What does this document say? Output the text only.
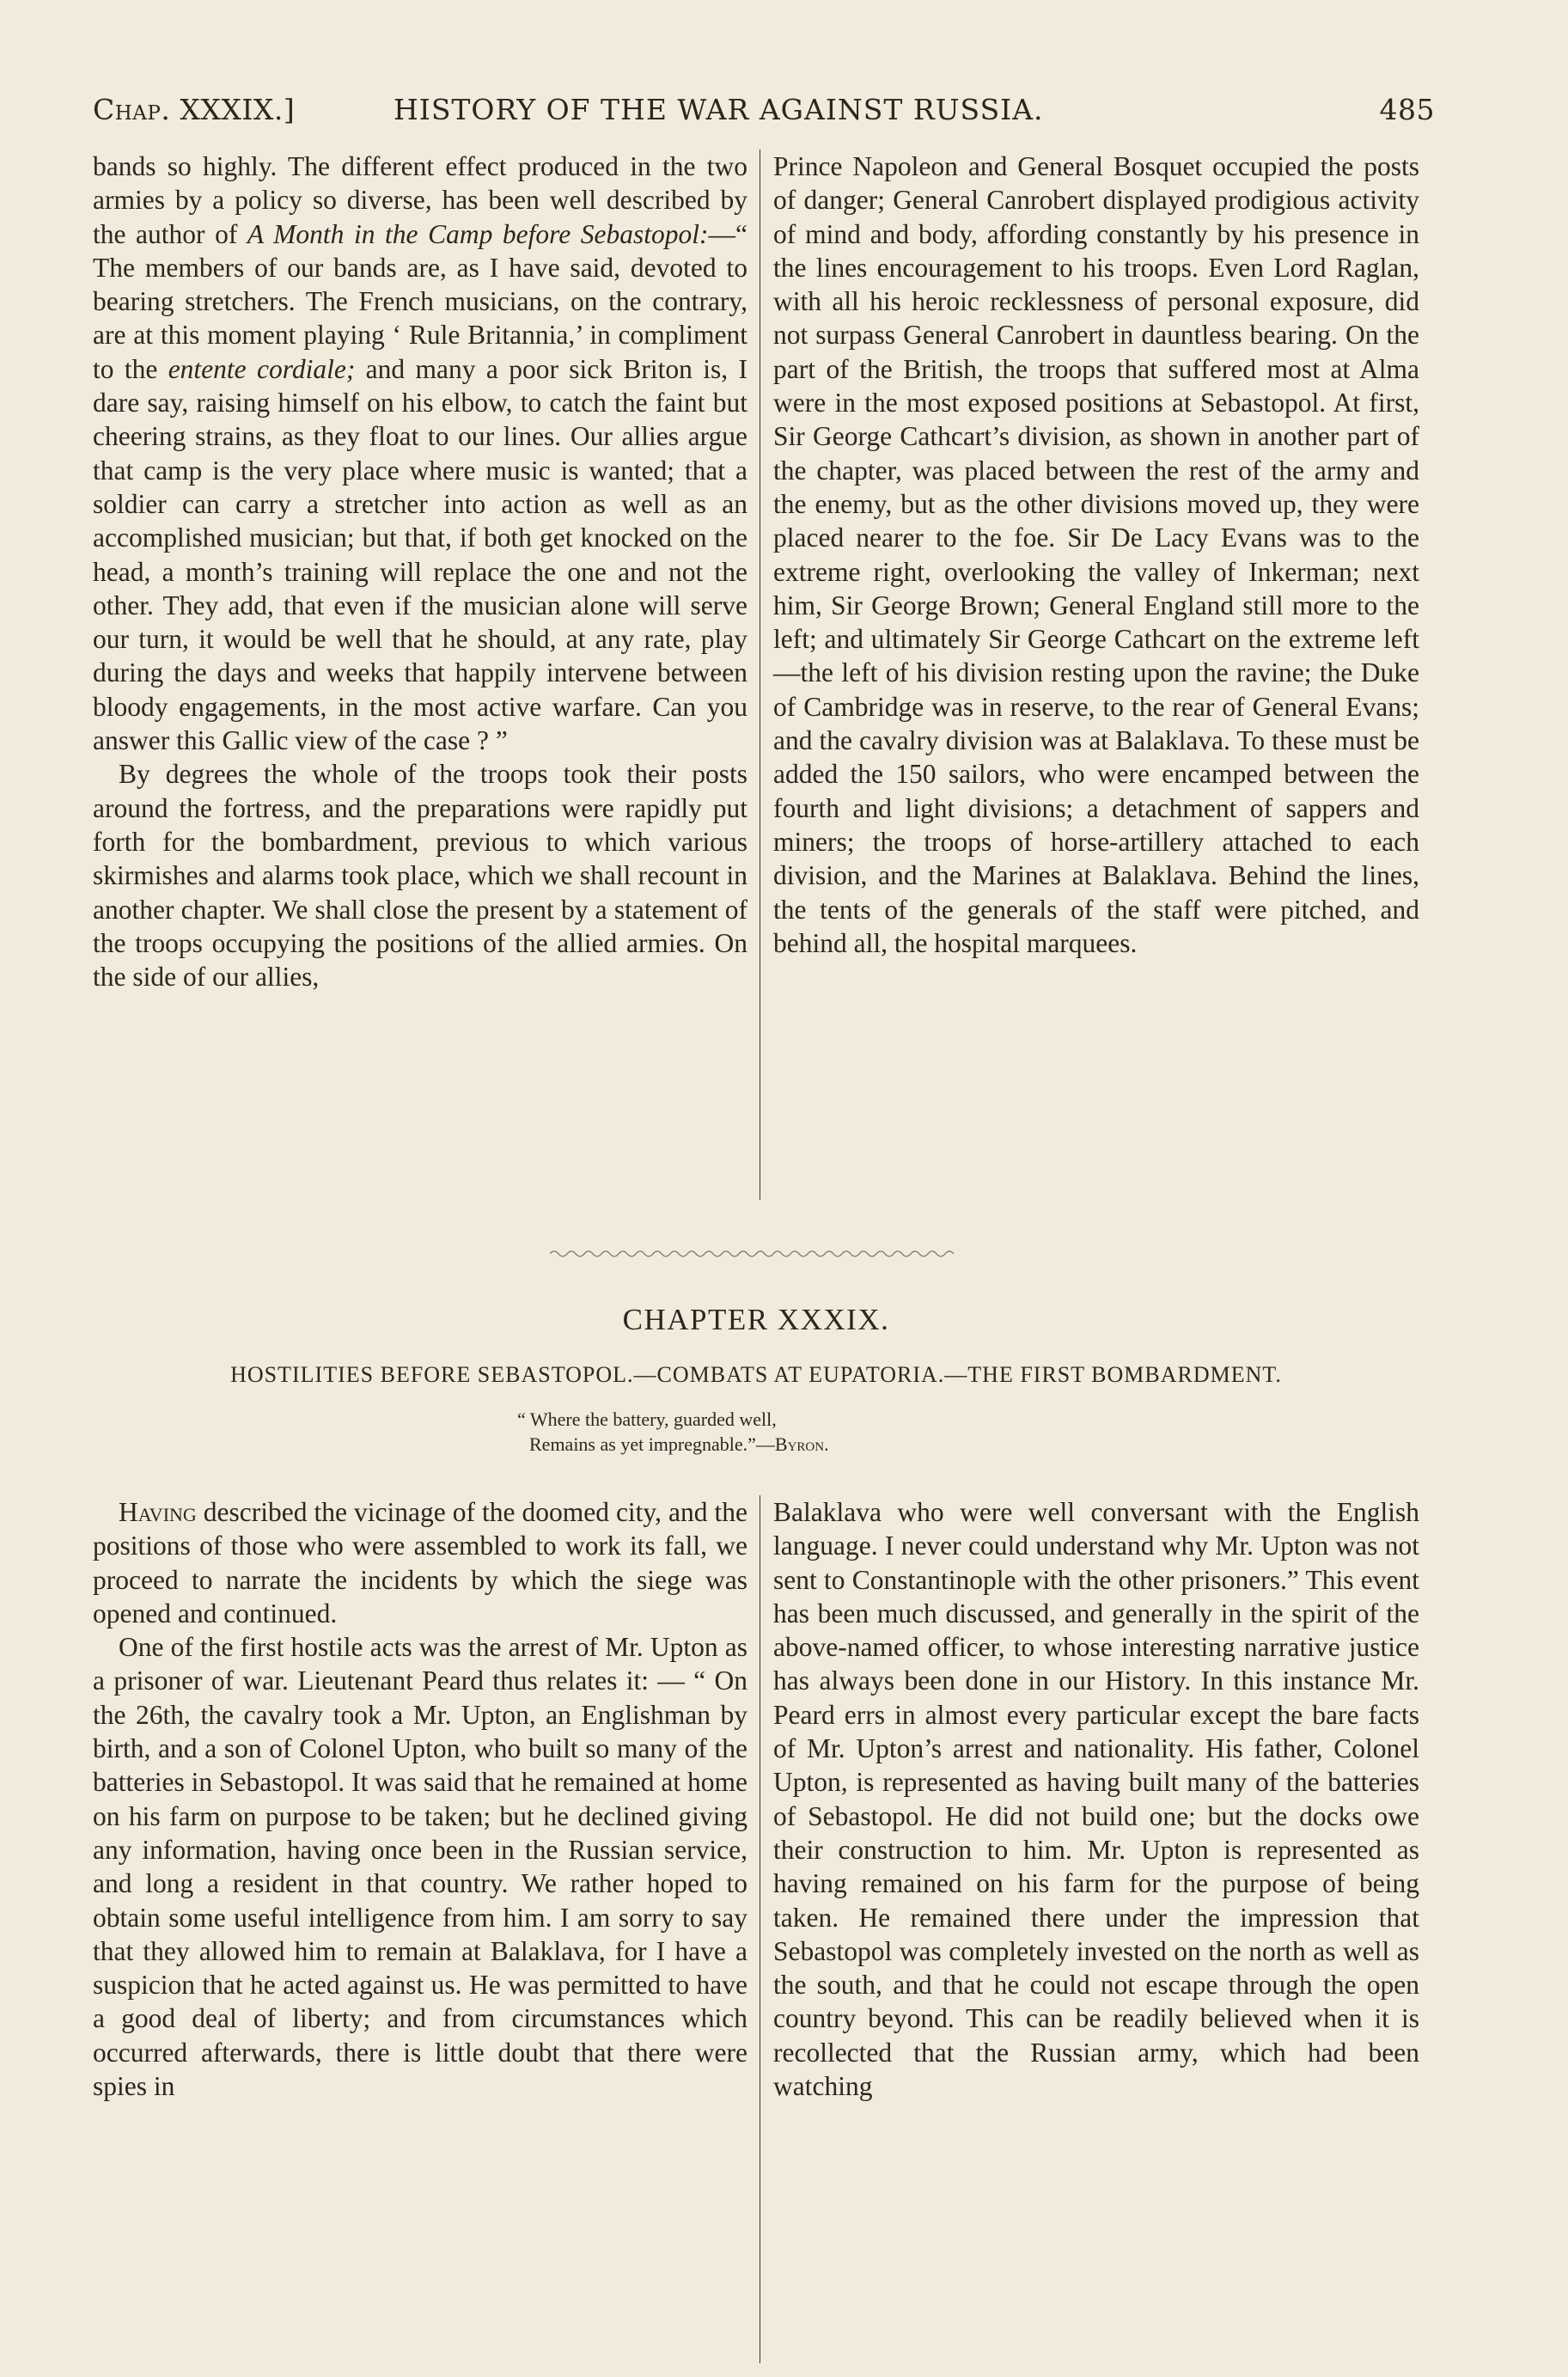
Chap. XXXIX.]	HISTORY OF THE WAR AGAINST RUSSIA.	485

bands so highly. The different effect produced in the two armies by a policy so diverse, has been well described by the author of A Month in the Camp before Sebastopol:—“ The members of our bands are, as I have said, devoted to bearing stretchers. The French musicians, on the contrary, are at this moment playing ‘ Rule Britannia,’ in compliment to the entente cordiale; and many a poor sick Briton is, I dare say, raising himself on his elbow, to catch the faint but cheering strains, as they float to our lines. Our allies argue that camp is the very place where music is wanted; that a soldier can carry a stretcher into action as well as an accomplished musician; but that, if both get knocked on the head, a month’s training will replace the one and not the other. They add, that even if the musician alone will serve our turn, it would be well that he should, at any rate, play during the days and weeks that happily intervene between bloody engagements, in the most active warfare. Can you answer this Gallic view of the case ? ”

By degrees the whole of the troops took their posts around the fortress, and the preparations were rapidly put forth for the bombardment, previous to which various skirmishes and alarms took place, which we shall recount in another chapter. We shall close the present by a statement of the troops occupying the positions of the allied armies. On the side of our allies,

Prince Napoleon and General Bosquet occupied the posts of danger; General Canrobert displayed prodigious activity of mind and body, affording constantly by his presence in the lines encouragement to his troops. Even Lord Raglan, with all his heroic recklessness of personal exposure, did not surpass General Canrobert in dauntless bearing. On the part of the British, the troops that suffered most at Alma were in the most exposed positions at Sebastopol. At first, Sir George Cathcart’s division, as shown in another part of the chapter, was placed between the rest of the army and the enemy, but as the other divisions moved up, they were placed nearer to the foe. Sir De Lacy Evans was to the extreme right, overlooking the valley of Inkerman; next him, Sir George Brown; General England still more to the left; and ultimately Sir George Cathcart on the extreme left—the left of his division resting upon the ravine; the Duke of Cambridge was in reserve, to the rear of General Evans; and the cavalry division was at Balaklava. To these must be added the 150 sailors, who were encamped between the fourth and light divisions; a detachment of sappers and miners; the troops of horse-artillery attached to each division, and the Marines at Balaklava. Behind the lines, the tents of the generals of the staff were pitched, and behind all, the hospital marquees.

CHAPTER XXXIX.
HOSTILITIES BEFORE SEBASTOPOL.—COMBATS AT EUPATORIA.—THE FIRST BOMBARDMENT.
“ Where the battery, guarded well,
Remains as yet impregnable.”—Byron.

Having described the vicinage of the doomed city, and the positions of those who were assembled to work its fall, we proceed to narrate the incidents by which the siege was opened and continued.

One of the first hostile acts was the arrest of Mr. Upton as a prisoner of war. Lieutenant Peard thus relates it: — “ On the 26th, the cavalry took a Mr. Upton, an Englishman by birth, and a son of Colonel Upton, who built so many of the batteries in Sebastopol. It was said that he remained at home on his farm on purpose to be taken; but he declined giving any information, having once been in the Russian service, and long a resident in that country. We rather hoped to obtain some useful intelligence from him. I am sorry to say that they allowed him to remain at Balaklava, for I have a suspicion that he acted against us. He was permitted to have a good deal of liberty; and from circumstances which occurred afterwards, there is little doubt that there were spies in

Balaklava who were well conversant with the English language. I never could understand why Mr. Upton was not sent to Constantinople with the other prisoners.” This event has been much discussed, and generally in the spirit of the above-named officer, to whose interesting narrative justice has always been done in our History. In this instance Mr. Peard errs in almost every particular except the bare facts of Mr. Upton’s arrest and nationality. His father, Colonel Upton, is represented as having built many of the batteries of Sebastopol. He did not build one; but the docks owe their construction to him. Mr. Upton is represented as having remained on his farm for the purpose of being taken. He remained there under the impression that Sebastopol was completely invested on the north as well as the south, and that he could not escape through the open country beyond. This can be readily believed when it is recollected that the Russian army, which had been watching
